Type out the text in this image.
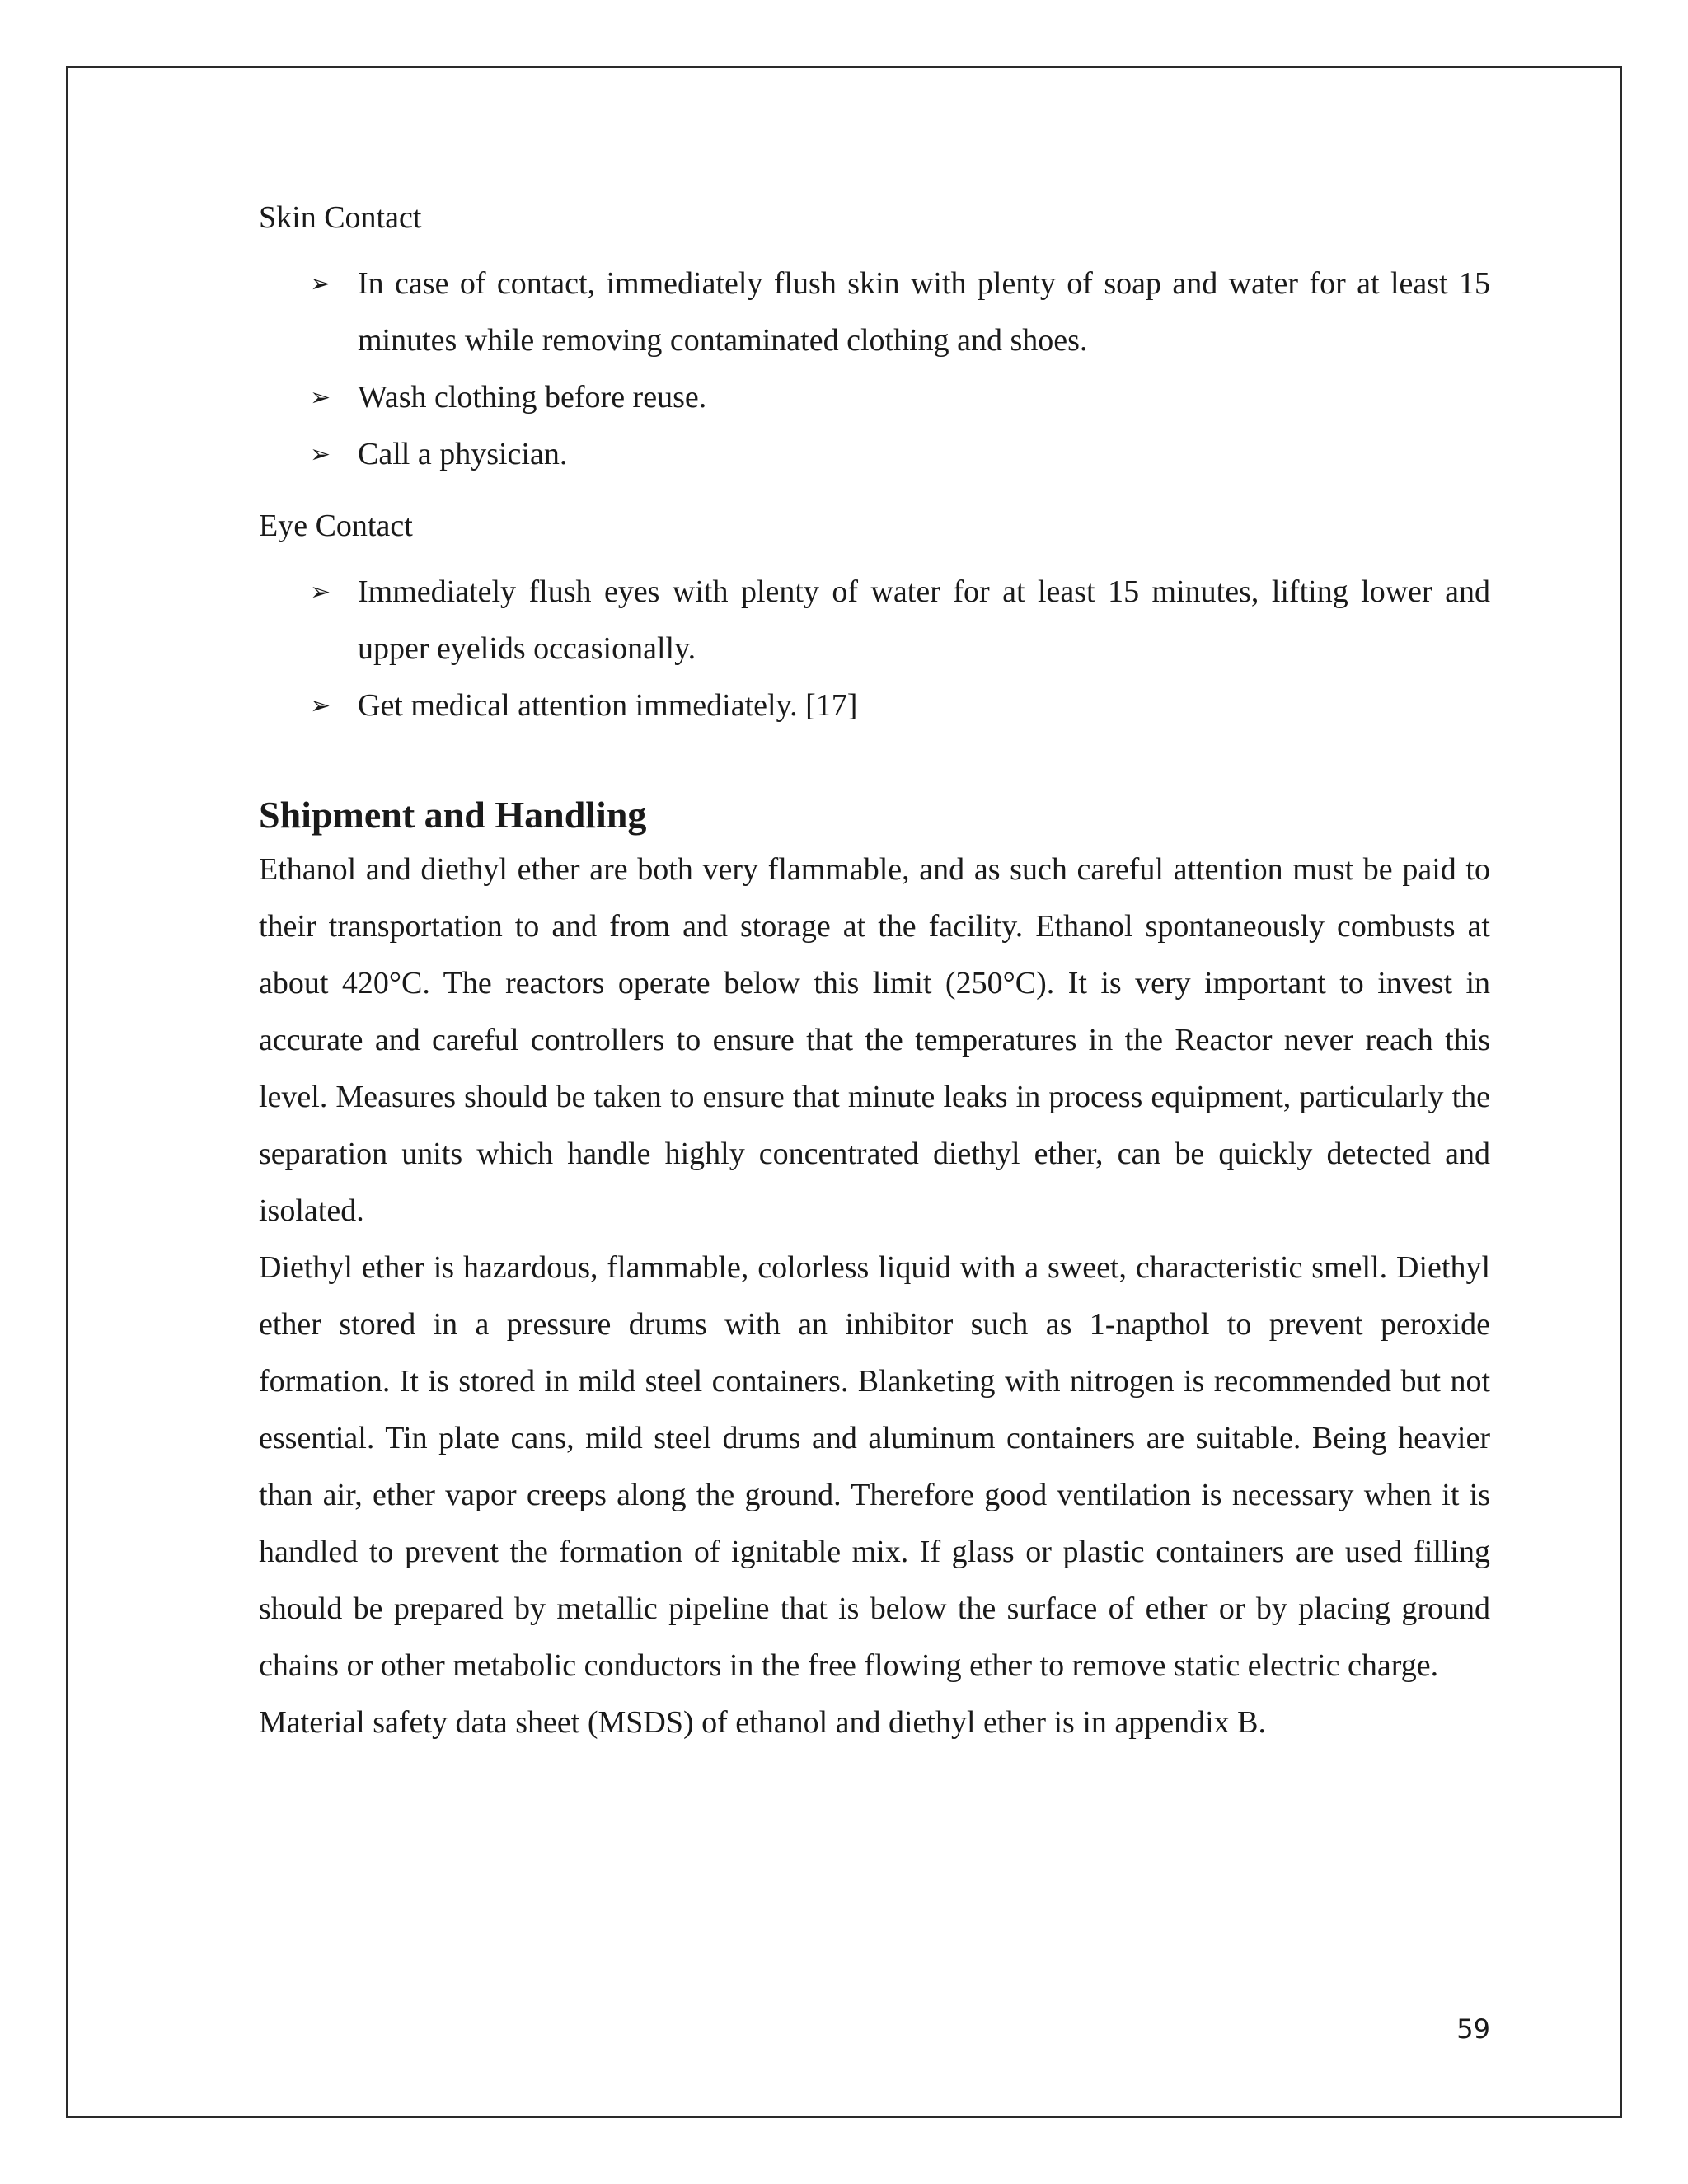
Skin Contact

➢ In case of contact, immediately flush skin with plenty of soap and water for at least 15 minutes while removing contaminated clothing and shoes.
➢ Wash clothing before reuse.
➢ Call a physician.

Eye Contact

➢ Immediately flush eyes with plenty of water for at least 15 minutes, lifting lower and upper eyelids occasionally.
➢ Get medical attention immediately. [17]
Shipment and Handling

Ethanol and diethyl ether are both very flammable, and as such careful attention must be paid to their transportation to and from and storage at the facility. Ethanol spontaneously combusts at about 420°C. The reactors operate below this limit (250°C). It is very important to invest in accurate and careful controllers to ensure that the temperatures in the Reactor never reach this level. Measures should be taken to ensure that minute leaks in process equipment, particularly the separation units which handle highly concentrated diethyl ether, can be quickly detected and isolated.

Diethyl ether is hazardous, flammable, colorless liquid with a sweet, characteristic smell. Diethyl ether stored in a pressure drums with an inhibitor such as 1-napthol to prevent peroxide formation. It is stored in mild steel containers. Blanketing with nitrogen is recommended but not essential. Tin plate cans, mild steel drums and aluminum containers are suitable. Being heavier than air, ether vapor creeps along the ground. Therefore good ventilation is necessary when it is handled to prevent the formation of ignitable mix. If glass or plastic containers are used filling should be prepared by metallic pipeline that is below the surface of ether or by placing ground chains or other metabolic conductors in the free flowing ether to remove static electric charge.

Material safety data sheet (MSDS) of ethanol and diethyl ether is in appendix B.

59
